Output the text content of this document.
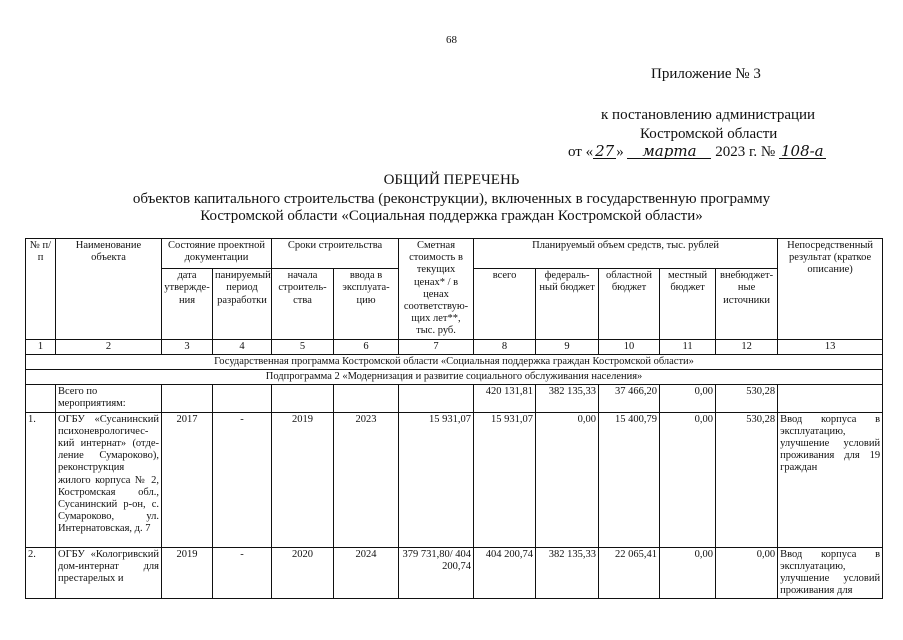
68
Приложение № 3
к постановлению администрации
Костромской области
от « 27 » марта 2023 г. № 108-а
ОБЩИЙ ПЕРЕЧЕНЬ
объектов капитального строительства (реконструкции), включенных в государственную программу
Костромской области «Социальная поддержка граждан Костромской области»
№ п/п	Наименование объекта	Состояние проектной документации		Сроки строительства		Сметная стоимость в текущих ценах* / в ценах соответствую-щих лет**, тыс. руб.	Планируемый объем средств, тыс. рублей					Непосредственный результат (краткое описание)
		дата утвержде-ния	панируемый период разработки	начала строитель-ства	ввода в эксплуата-цию		всего	федераль-ный бюджет	областной бюджет	местный бюджет	внебюджет-ные источники	
1	2	3	4	5	6	7	8	9	10	11	12	13
Государственная программа Костромской области «Социальная поддержка граждан Костромской области»												
Подпрограмма 2 «Модернизация и развитие социального обслуживания населения»												
	Всего по мероприятиям:						420 131,81	382 135,33	37 466,20	0,00	530,28	
1.	ОГБУ «Сусанинский психоневрологичес-кий интернат» (отде-ление Сумароково), реконструкция жилого корпуса № 2, Костромская обл., Сусанинский р-он, с. Сумароково, ул. Интернатовская, д. 7	2017	-	2019	2023	15 931,07	15 931,07	0,00	15 400,79	0,00	530,28	Ввод корпуса в эксплуатацию, улучшение условий проживания для 19 граждан
2.	ОГБУ «Кологривский дом-интернат для престарелых и	2019	-	2020	2024	379 731,80/ 404 200,74	404 200,74	382 135,33	22 065,41	0,00	0,00	Ввод корпуса в эксплуатацию, улучшение условий проживания для
